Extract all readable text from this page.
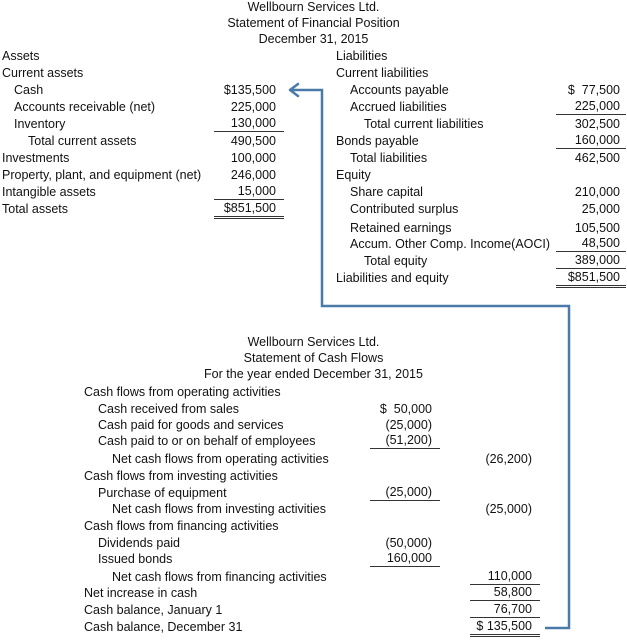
Wellbourn Services Ltd.
Statement of Financial Position
December 31, 2015
Assets
Current assets
Cash	$135,500
Accounts receivable (net)	225,000
Inventory	130,000
Total current assets	490,500
Investments	100,000
Property, plant, and equipment (net)	246,000
Intangible assets	15,000
Total assets	$851,500
Liabilities
Current liabilities
Accounts payable	$  77,500
Accrued liabilities	225,000
Total current liabilities	302,500
Bonds payable	160,000
Total liabilities	462,500
Equity
Share capital	210,000
Contributed surplus	25,000
Retained earnings	105,500
Accum. Other Comp. Income(AOCI)	48,500
Total equity	389,000
Liabilities and equity	$851,500
Wellbourn Services Ltd.
Statement of Cash Flows
For the year ended December 31, 2015
Cash flows from operating activities
Cash received from sales	$  50,000
Cash paid for goods and services	(25,000)
Cash paid to or on behalf of employees	(51,200)
Net cash flows from operating activities	(26,200)
Cash flows from investing activities
Purchase of equipment	(25,000)
Net cash flows from investing activities	(25,000)
Cash flows from financing activities
Dividends paid	(50,000)
Issued bonds	160,000
Net cash flows from financing activities	110,000
Net increase in cash	58,800
Cash balance, January 1	76,700
Cash balance, December 31	$ 135,500
